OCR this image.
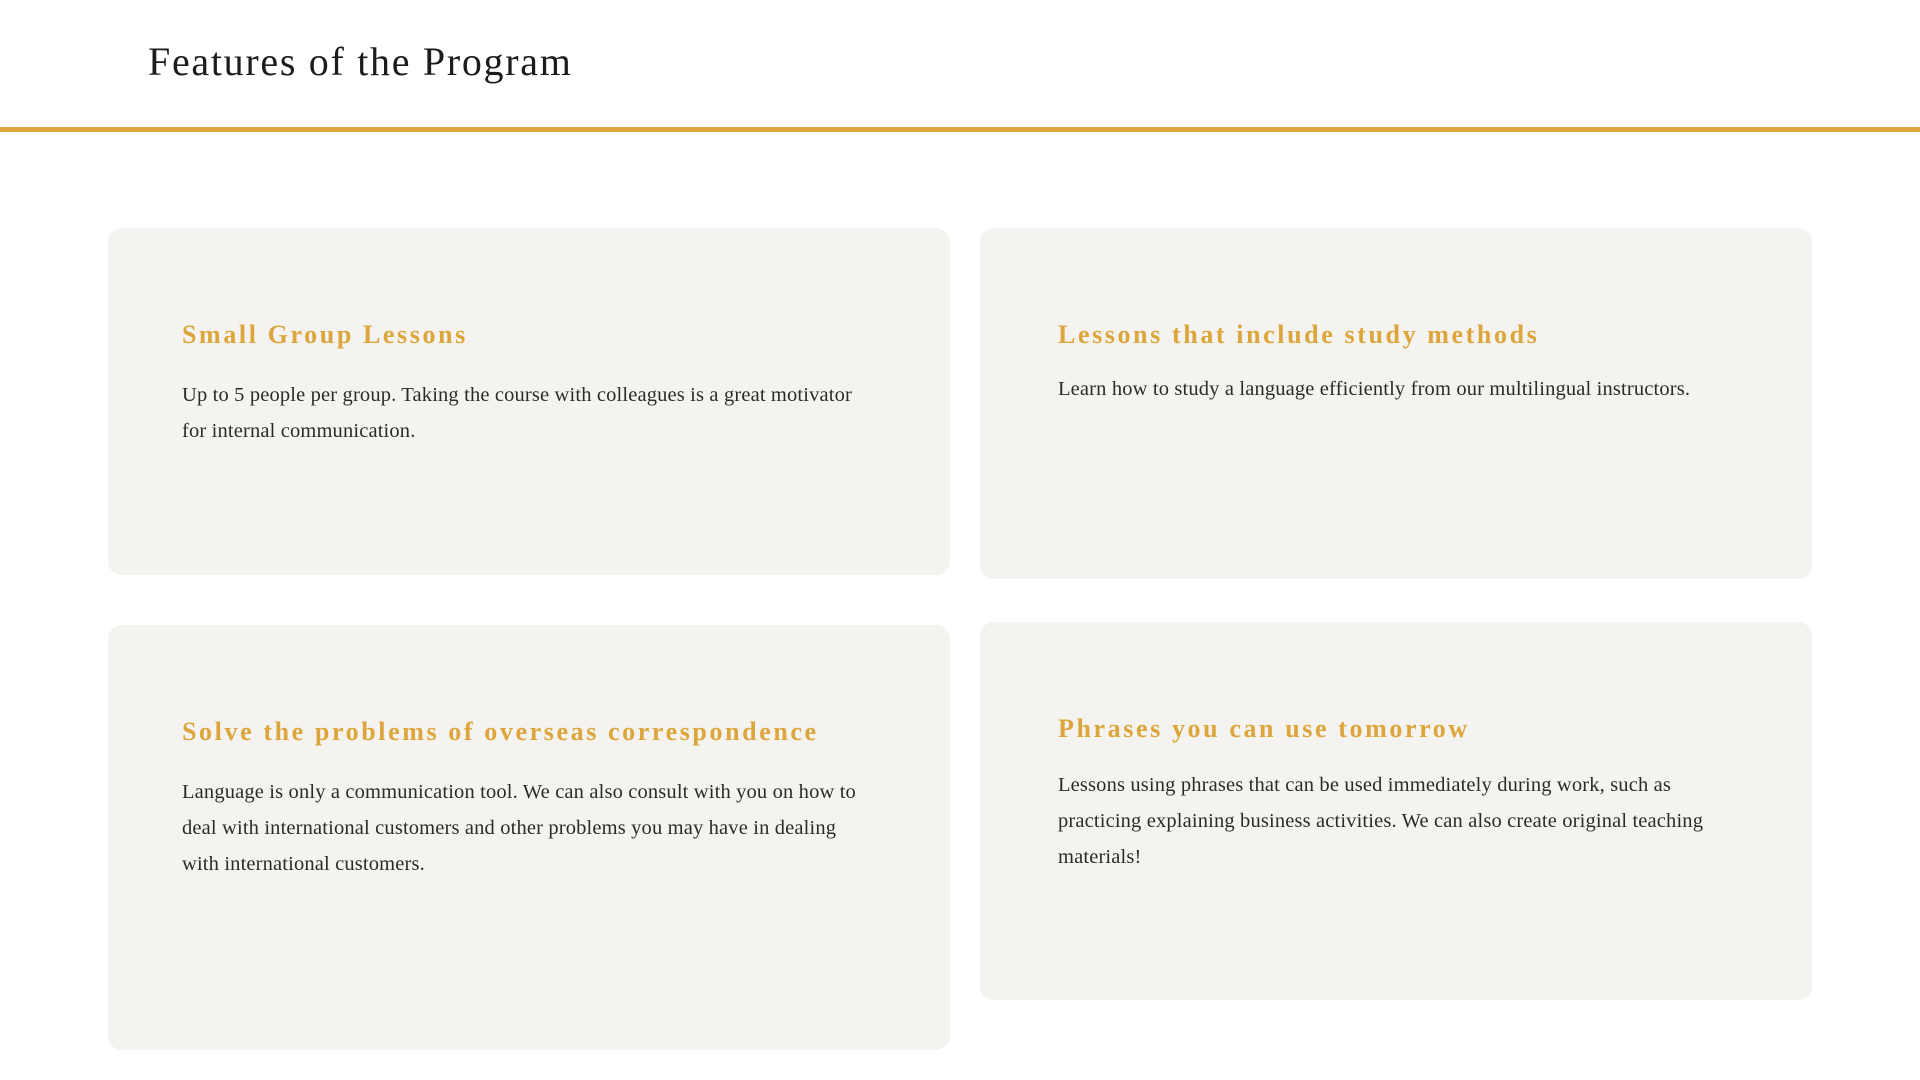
Features of the Program
Small Group Lessons

Up to 5 people per group. Taking the course with colleagues is a great motivator for internal communication.

Lessons that include study methods

Learn how to study a language efficiently from our multilingual instructors.

Solve the problems of overseas correspondence

Language is only a communication tool. We can also consult with you on how to deal with international customers and other problems you may have in dealing with international customers.

Phrases you can use tomorrow

Lessons using phrases that can be used immediately during work, such as practicing explaining business activities. We can also create original teaching materials!
